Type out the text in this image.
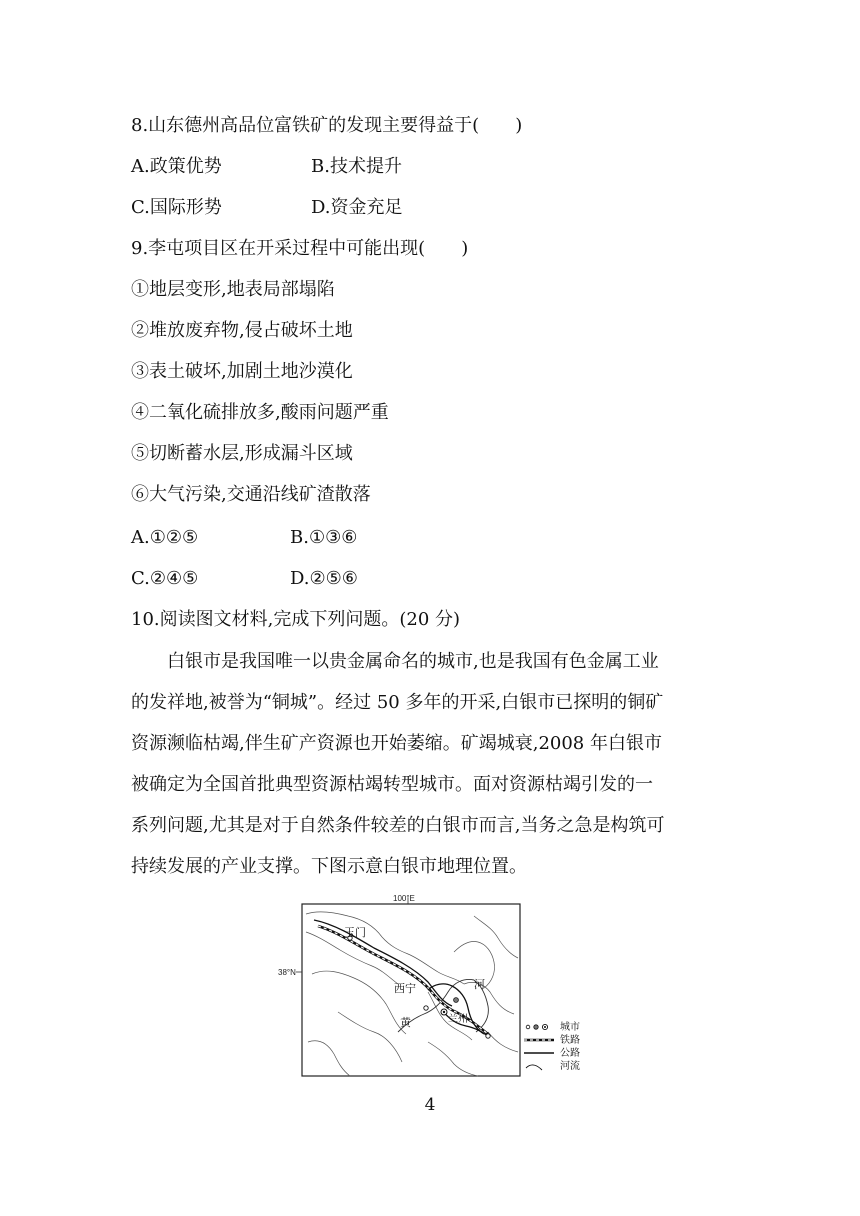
8.山东德州高品位富铁矿的发现主要得益于(　　)
A.政策优势	B.技术提升
C.国际形势	D.资金充足
9.李屯项目区在开采过程中可能出现(　　)
①地层变形,地表局部塌陷
②堆放废弃物,侵占破坏土地
③表土破坏,加剧土地沙漠化
④二氧化硫排放多,酸雨问题严重
⑤切断蓄水层,形成漏斗区域
⑥大气污染,交通沿线矿渣散落
A.①②⑤	B.①③⑥
C.②④⑤	D.②⑤⑥
10.阅读图文材料,完成下列问题。(20 分)
白银市是我国唯一以贵金属命名的城市,也是我国有色金属工业
的发祥地,被誉为“铜城”。经过 50 多年的开采,白银市已探明的铜矿
资源濒临枯竭,伴生矿产资源也开始萎缩。矿竭城衰,2008 年白银市
被确定为全国首批典型资源枯竭转型城市。面对资源枯竭引发的一
系列问题,尤其是对于自然条件较差的白银市而言,当务之急是构筑可
持续发展的产业支撑。下图示意白银市地理位置。
100°E
38°N
玉门
西宁
黄
河
兰州
城市
铁路
公路
河流
4
